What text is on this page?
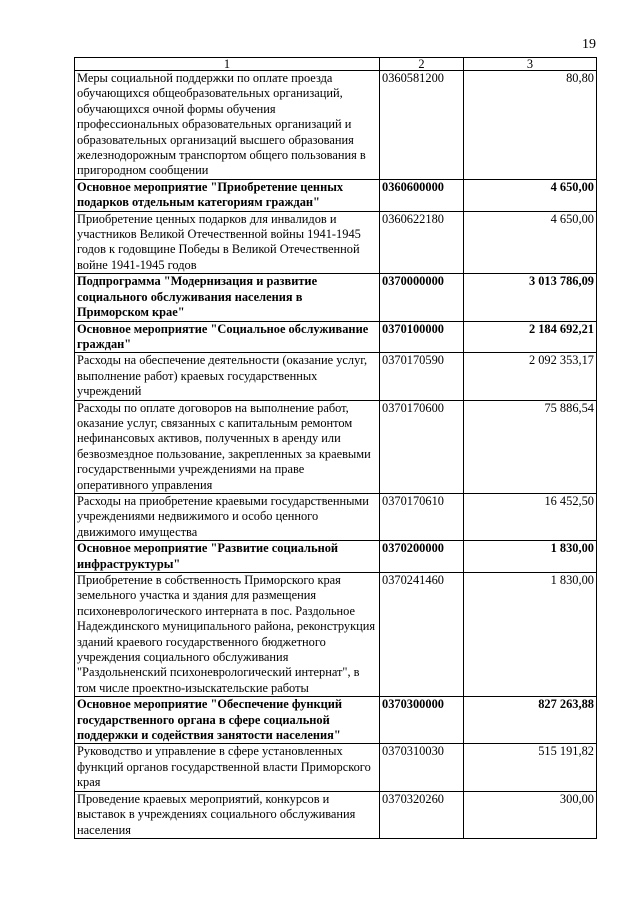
19
1	2	3
Меры социальной поддержки по оплате проезда обучающихся общеобразовательных организаций, обучающихся очной формы обучения профессиональных образовательных организаций и образовательных организаций высшего образования железнодорожным транспортом общего пользования в пригородном сообщении	0360581200	80,80
Основное мероприятие "Приобретение ценных подарков отдельным категориям граждан"	0360600000	4 650,00
Приобретение ценных подарков для инвалидов и участников Великой Отечественной войны 1941-1945 годов к годовщине Победы в Великой Отечественной войне 1941-1945 годов	0360622180	4 650,00
Подпрограмма "Модернизация и развитие социального обслуживания населения в Приморском крае"	0370000000	3 013 786,09
Основное мероприятие "Социальное обслуживание граждан"	0370100000	2 184 692,21
Расходы на обеспечение деятельности (оказание услуг, выполнение работ) краевых государственных учреждений	0370170590	2 092 353,17
Расходы по оплате договоров на выполнение работ, оказание услуг, связанных с капитальным ремонтом нефинансовых активов, полученных в аренду или безвозмездное пользование, закрепленных за краевыми государственными учреждениями на праве оперативного управления	0370170600	75 886,54
Расходы на приобретение краевыми государственными учреждениями недвижимого и особо ценного движимого имущества	0370170610	16 452,50
Основное мероприятие "Развитие социальной инфраструктуры"	0370200000	1 830,00
Приобретение в собственность Приморского края земельного участка и здания для размещения психоневрологического интерната в пос. Раздольное Надеждинского муниципального района, реконструкция зданий краевого государственного бюджетного учреждения социального обслуживания "Раздольненский психоневрологический интернат", в том числе проектно-изыскательские работы	0370241460	1 830,00
Основное мероприятие "Обеспечение функций государственного органа в сфере социальной поддержки и содействия занятости населения"	0370300000	827 263,88
Руководство и управление в сфере установленных функций органов государственной власти Приморского края	0370310030	515 191,82
Проведение краевых мероприятий, конкурсов и выставок в учреждениях социального обслуживания населения	0370320260	300,00
